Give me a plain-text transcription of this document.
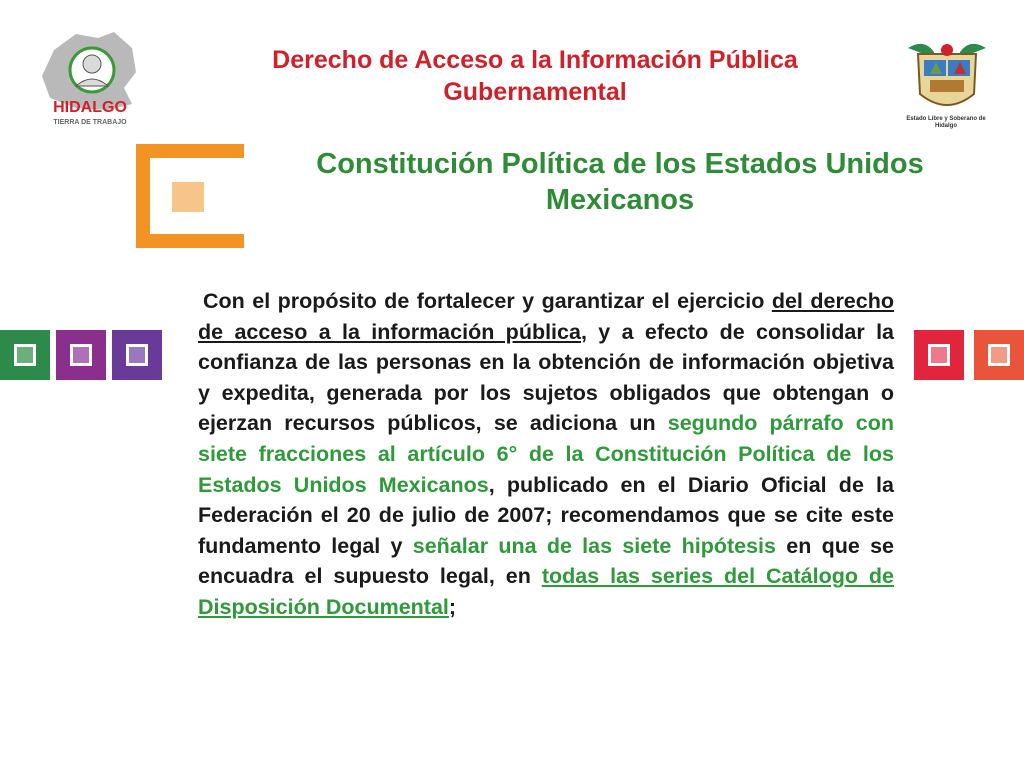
HIDALGO
TIERRA DE TRABAJO
Derecho de Acceso a la Información Pública Gubernamental
Estado Libre y Soberano de Hidalgo
Constitución Política de los Estados Unidos Mexicanos

Con el propósito de fortalecer y garantizar el ejercicio del derecho de acceso a la información pública, y a efecto de consolidar la confianza de las personas en la obtención de información objetiva y expedita, generada por los sujetos obligados que obtengan o ejerzan recursos públicos, se adiciona un segundo párrafo con siete fracciones al artículo 6° de la Constitución Política de los Estados Unidos Mexicanos, publicado en el Diario Oficial de la Federación el 20 de julio de 2007; recomendamos que se cite este fundamento legal y señalar una de las siete hipótesis en que se encuadra el supuesto legal, en todas las series del Catálogo de Disposición Documental;
